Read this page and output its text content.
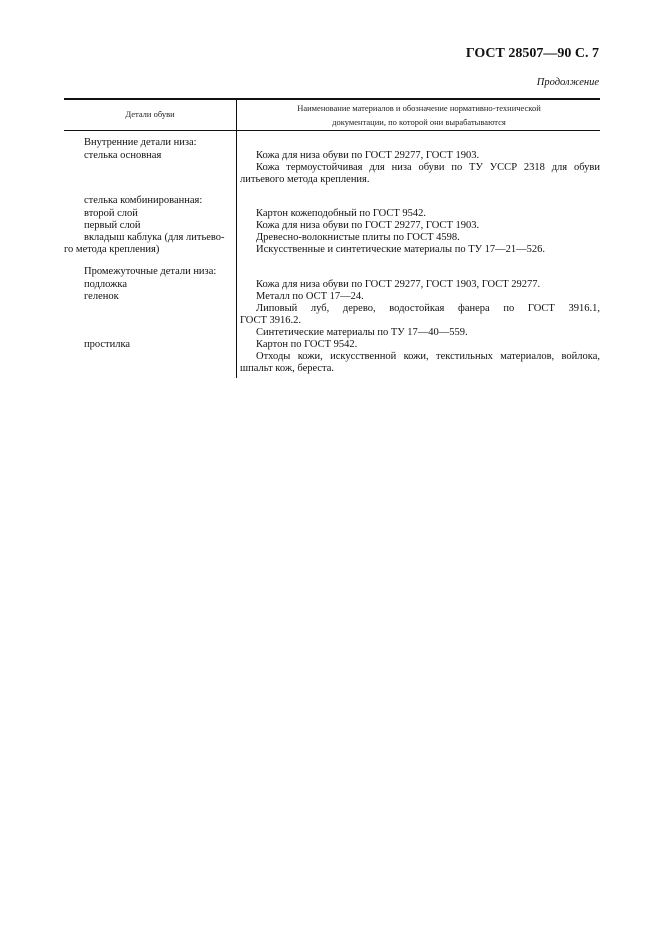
ГОСТ 28507—90 С. 7
Продолжение
Детали обуви
Наименование материалов и обозначение нормативно-технической
документации, по которой они вырабатываются
Внутренние детали низа:
стелька основная
стелька комбинированная:
второй слой
первый слой
вкладыш каблука (для литьево-
го метода крепления)
Промежуточные детали низа:
подложка
геленок
простилка
Кожа для низа обуви по ГОСТ 29277, ГОСТ 1903.
Кожа термоустойчивая для низа обуви по ТУ УССР 2318 для обуви
литьевого метода крепления.
Картон кожеподобный по ГОСТ 9542.
Кожа для низа обуви по ГОСТ 29277, ГОСТ 1903.
Древесно-волокнистые плиты по ГОСТ 4598.
Искусственные и синтетические материалы по ТУ 17—21—526.
Кожа для низа обуви по ГОСТ 29277, ГОСТ 1903, ГОСТ 29277.
Металл по ОСТ 17—24.
Липовый луб, дерево, водостойкая фанера по ГОСТ 3916.1,
ГОСТ 3916.2.
Синтетические материалы по ТУ 17—40—559.
Картон по ГОСТ 9542.
Отходы кожи, искусственной кожи, текстильных материалов, войлока,
шпальт кож, береста.
